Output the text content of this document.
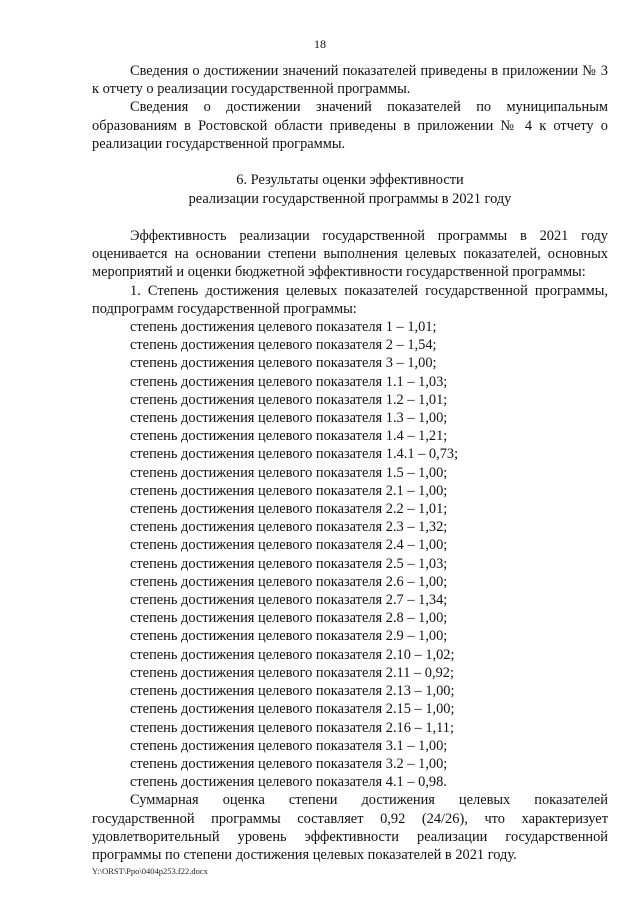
18

Сведения о достижении значений показателей приведены в приложении № 3 к отчету о реализации государственной программы.

Сведения о достижении значений показателей по муниципальным образованиям в Ростовской области приведены в приложении № 4 к отчету о реализации государственной программы.

6. Результаты оценки эффективности
реализации государственной программы в 2021 году

Эффективность реализации государственной программы в 2021 году оценивается на основании степени выполнения целевых показателей, основных мероприятий и оценки бюджетной эффективности государственной программы:

1. Степень достижения целевых показателей государственной программы, подпрограмм государственной программы:

степень достижения целевого показателя 1 – 1,01;
степень достижения целевого показателя 2 – 1,54;
степень достижения целевого показателя 3 – 1,00;
степень достижения целевого показателя 1.1 – 1,03;
степень достижения целевого показателя 1.2 – 1,01;
степень достижения целевого показателя 1.3 – 1,00;
степень достижения целевого показателя 1.4 – 1,21;
степень достижения целевого показателя 1.4.1 – 0,73;
степень достижения целевого показателя 1.5 – 1,00;
степень достижения целевого показателя 2.1 – 1,00;
степень достижения целевого показателя 2.2 – 1,01;
степень достижения целевого показателя 2.3 – 1,32;
степень достижения целевого показателя 2.4 – 1,00;
степень достижения целевого показателя 2.5 – 1,03;
степень достижения целевого показателя 2.6 – 1,00;
степень достижения целевого показателя 2.7 – 1,34;
степень достижения целевого показателя 2.8 – 1,00;
степень достижения целевого показателя 2.9 – 1,00;
степень достижения целевого показателя 2.10 – 1,02;
степень достижения целевого показателя 2.11 – 0,92;
степень достижения целевого показателя 2.13 – 1,00;
степень достижения целевого показателя 2.15 – 1,00;
степень достижения целевого показателя 2.16 – 1,11;
степень достижения целевого показателя 3.1 – 1,00;
степень достижения целевого показателя 3.2 – 1,00;
степень достижения целевого показателя 4.1 – 0,98.

Суммарная оценка степени достижения целевых показателей государственной программы составляет 0,92 (24/26), что характеризует удовлетворительный уровень эффективности реализации государственной программы по степени достижения целевых показателей в 2021 году.

Y:\ORST\Ppo\0404p253.f22.docx
